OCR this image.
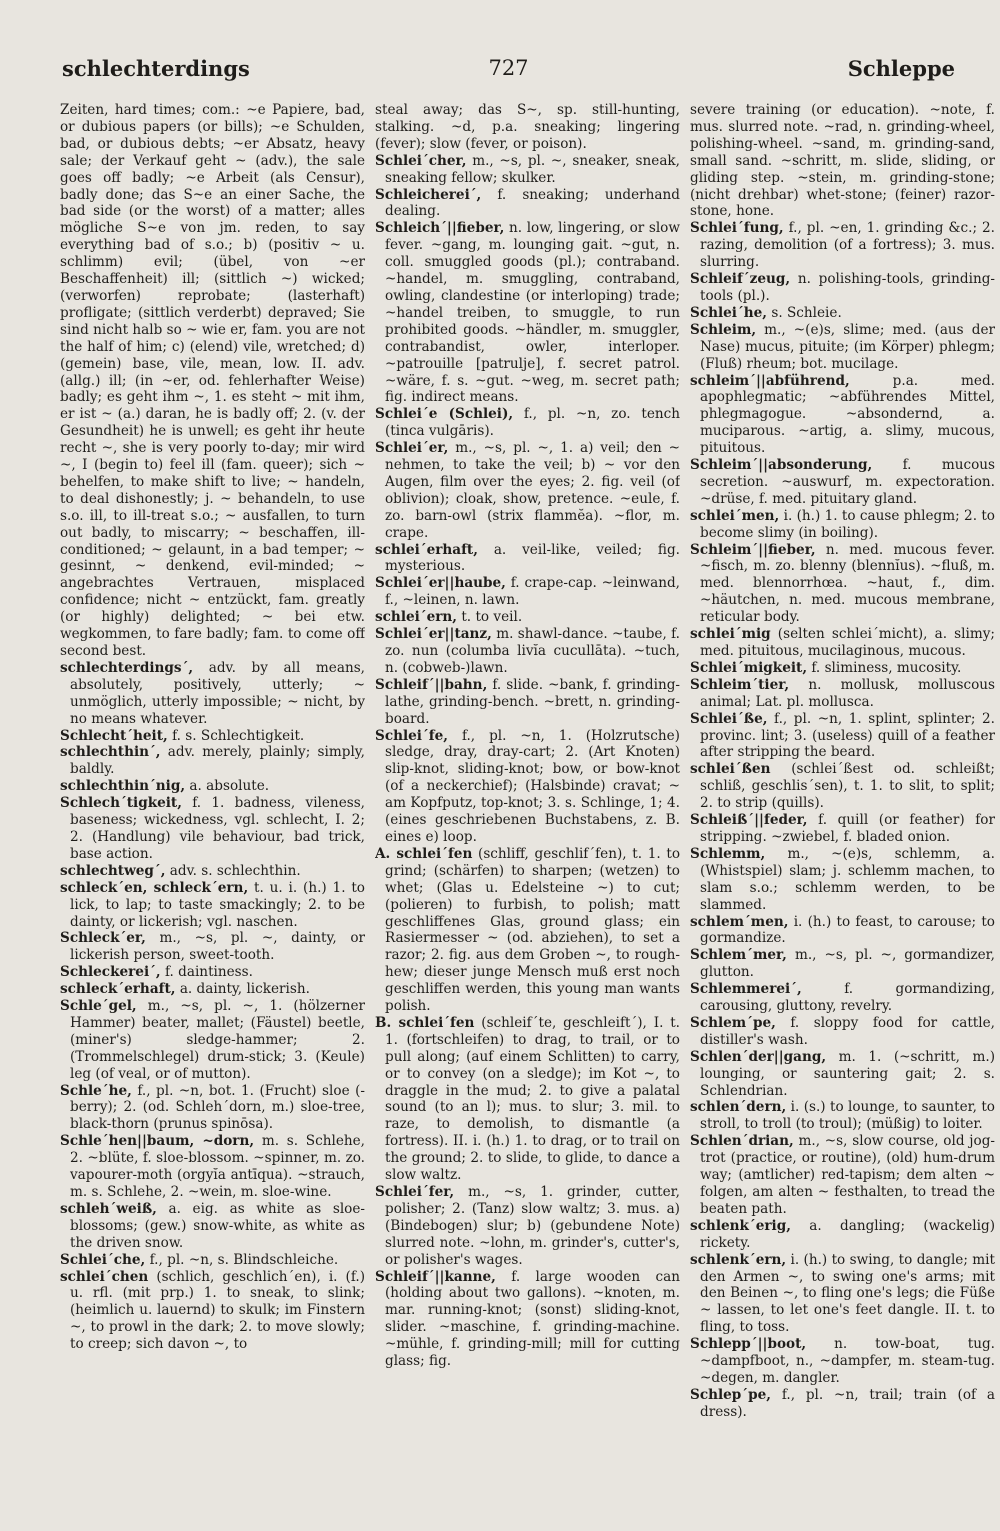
schlechterdings	727	Schleppe

Zeiten, hard times; com.: ~e Papiere, bad, or dubious papers (or bills); ~e Schulden, bad, or dubious debts; ~er Absatz, heavy sale; der Verkauf geht ~ (adv.), the sale goes off badly; ~e Arbeit (als Censur), badly done; das S~e an einer Sache, the bad side (or the worst) of a matter; alles mögliche S~e von jm. reden, to say everything bad of s.o.; b) (positiv ~ u. schlimm) evil; (übel, von ~er Beschaffenheit) ill; (sittlich ~) wicked; (verworfen) reprobate; (lasterhaft) profligate; (sittlich verderbt) depraved; Sie sind nicht halb so ~ wie er, fam. you are not the half of him; c) (elend) vile, wretched; d) (gemein) base, vile, mean, low. II. adv. (allg.) ill; (in ~er, od. fehlerhafter Weise) badly; es geht ihm ~, 1. es steht ~ mit ihm, er ist ~ (a.) daran, he is badly off; 2. (v. der Gesundheit) he is unwell; es geht ihr heute recht ~, she is very poorly to-day; mir wird ~, I (begin to) feel ill (fam. queer); sich ~ behelfen, to make shift to live; ~ handeln, to deal dishonestly; j. ~ behandeln, to use s.o. ill, to ill-treat s.o.; ~ ausfallen, to turn out badly, to miscarry; ~ beschaffen, ill-conditioned; ~ gelaunt, in a bad temper; ~ gesinnt, ~ denkend, evil-minded; ~ angebrachtes Vertrauen, misplaced confidence; nicht ~ entzückt, fam. greatly (or highly) delighted; ~ bei etw. wegkommen, to fare badly; fam. to come off second best.

schlechterdings´, adv. by all means, absolutely, positively, utterly; ~ unmöglich, utterly impossible; ~ nicht, by no means whatever.

Schlecht´heit, f. s. Schlechtigkeit.

schlechthin´, adv. merely, plainly; simply, baldly.

schlechthin´nig, a. absolute.

Schlech´tigkeit, f. 1. badness, vileness, baseness; wickedness, vgl. schlecht, I. 2; 2. (Handlung) vile behaviour, bad trick, base action.

schlechtweg´, adv. s. schlechthin.

schleck´en, schleck´ern, t. u. i. (h.) 1. to lick, to lap; to taste smackingly; 2. to be dainty, or lickerish; vgl. naschen.

Schleck´er, m., ~s, pl. ~, dainty, or lickerish person, sweet-tooth.

Schleckerei´, f. daintiness.

schleck´erhaft, a. dainty, lickerish.

Schle´gel, m., ~s, pl. ~, 1. (hölzerner Hammer) beater, mallet; (Fäustel) beetle, (miner's) sledge-hammer; 2. (Trommelschlegel) drum-stick; 3. (Keule) leg (of veal, or of mutton).

Schle´he, f., pl. ~n, bot. 1. (Frucht) sloe (-berry); 2. (od. Schleh´dorn, m.) sloe-tree, black-thorn (prunus spinōsa).

Schle´hen||baum, ~dorn, m. s. Schlehe, 2. ~blüte, f. sloe-blossom. ~spinner, m. zo. vapourer-moth (orgyĭa antīqua). ~strauch, m. s. Schlehe, 2. ~wein, m. sloe-wine.

schleh´weiß, a. eig. as white as sloe-blossoms; (gew.) snow-white, as white as the driven snow.

Schlei´che, f., pl. ~n, s. Blindschleiche.

schlei´chen (schlich, geschlich´en), i. (f.) u. rfl. (mit prp.) 1. to sneak, to slink; (heimlich u. lauernd) to skulk; im Finstern ~, to prowl in the dark; 2. to move slowly; to creep; sich davon ~, to

steal away; das S~, sp. still-hunting, stalking. ~d, p.a. sneaking; lingering (fever); slow (fever, or poison).

Schlei´cher, m., ~s, pl. ~, sneaker, sneak, sneaking fellow; skulker.

Schleicherei´, f. sneaking; underhand dealing.

Schleich´||fieber, n. low, lingering, or slow fever. ~gang, m. lounging gait. ~gut, n. coll. smuggled goods (pl.); contraband. ~handel, m. smuggling, contraband, owling, clandestine (or interloping) trade; ~handel treiben, to smuggle, to run prohibited goods. ~händler, m. smuggler, contrabandist, owler, interloper. ~patrouille [patrulje], f. secret patrol. ~wäre, f. s. ~gut. ~weg, m. secret path; fig. indirect means.

Schlei´e (Schlei), f., pl. ~n, zo. tench (tinca vulgāris).

Schlei´er, m., ~s, pl. ~, 1. a) veil; den ~ nehmen, to take the veil; b) ~ vor den Augen, film over the eyes; 2. fig. veil (of oblivion); cloak, show, pretence. ~eule, f. zo. barn-owl (strix flammĕa). ~flor, m. crape.

schlei´erhaft, a. veil-like, veiled; fig. mysterious.

Schlei´er||haube, f. crape-cap. ~leinwand, f., ~leinen, n. lawn.

schlei´ern, t. to veil.

Schlei´er||tanz, m. shawl-dance. ~taube, f. zo. nun (columba livĭa cucullāta). ~tuch, n. (cobweb-)lawn.

Schleif´||bahn, f. slide. ~bank, f. grinding-lathe, grinding-bench. ~brett, n. grinding-board.

Schlei´fe, f., pl. ~n, 1. (Holzrutsche) sledge, dray, dray-cart; 2. (Art Knoten) slip-knot, sliding-knot; bow, or bow-knot (of a neckerchief); (Halsbinde) cravat; ~ am Kopfputz, top-knot; 3. s. Schlinge, 1; 4. (eines geschriebenen Buchstabens, z. B. eines e) loop.

A. schlei´fen (schliff, geschlif´fen), t. 1. to grind; (schärfen) to sharpen; (wetzen) to whet; (Glas u. Edelsteine ~) to cut; (polieren) to furbish, to polish; matt geschliffenes Glas, ground glass; ein Rasiermesser ~ (od. abziehen), to set a razor; 2. fig. aus dem Groben ~, to rough-hew; dieser junge Mensch muß erst noch geschliffen werden, this young man wants polish.

B. schlei´fen (schleif´te, geschleift´), I. t. 1. (fortschleifen) to drag, to trail, or to pull along; (auf einem Schlitten) to carry, or to convey (on a sledge); im Kot ~, to draggle in the mud; 2. to give a palatal sound (to an l); mus. to slur; 3. mil. to raze, to demolish, to dismantle (a fortress). II. i. (h.) 1. to drag, or to trail on the ground; 2. to slide, to glide, to dance a slow waltz.

Schlei´fer, m., ~s, 1. grinder, cutter, polisher; 2. (Tanz) slow waltz; 3. mus. a) (Bindebogen) slur; b) (gebundene Note) slurred note. ~lohn, m. grinder's, cutter's, or polisher's wages.

Schleif´||kanne, f. large wooden can (holding about two gallons). ~knoten, m. mar. running-knot; (sonst) sliding-knot, slider. ~maschine, f. grinding-machine. ~mühle, f. grinding-mill; mill for cutting glass; fig.

severe training (or education). ~note, f. mus. slurred note. ~rad, n. grinding-wheel, polishing-wheel. ~sand, m. grinding-sand, small sand. ~schritt, m. slide, sliding, or gliding step. ~stein, m. grinding-stone; (nicht drehbar) whet-stone; (feiner) razor-stone, hone.

Schlei´fung, f., pl. ~en, 1. grinding &c.; 2. razing, demolition (of a fortress); 3. mus. slurring.

Schleif´zeug, n. polishing-tools, grinding-tools (pl.).

Schlei´he, s. Schleie.

Schleim, m., ~(e)s, slime; med. (aus der Nase) mucus, pituite; (im Körper) phlegm; (Fluß) rheum; bot. mucilage.

schleim´||abführend,	p.a. med. apophlegmatic; ~abführendes Mittel, phlegmagogue. ~absondernd, a. muciparous. ~artig, a. slimy, mucous, pituitous.

Schleim´||absonderung, f. mucous secretion. ~auswurf, m. expectoration. ~drüse, f. med. pituitary gland.

schlei´men, i. (h.) 1. to cause phlegm; 2. to become slimy (in boiling).

Schleim´||fieber, n. med. mucous fever. ~fisch, m. zo. blenny (blennĭus). ~fluß, m. med. blennorrhœa. ~haut, f., dim. ~häutchen, n. med. mucous membrane, reticular body.

schlei´mig (selten schlei´micht), a. slimy; med. pituitous, mucilaginous, mucous.

Schlei´migkeit, f. sliminess, mucosity.

Schleim´tier, n. mollusk, molluscous animal; Lat. pl. mollusca.

Schlei´ße, f., pl. ~n, 1. splint, splinter; 2. provinc. lint; 3. (useless) quill of a feather after stripping the beard.

schlei´ßen (schlei´ßest od. schleißt; schliß, geschlis´sen), t. 1. to slit, to split; 2. to strip (quills).

Schleiß´||feder, f. quill (or feather) for stripping. ~zwiebel, f. bladed onion.

Schlemm, m., ~(e)s, schlemm, a. (Whistspiel) slam; j. schlemm machen, to slam s.o.; schlemm werden, to be slammed.

schlem´men, i. (h.) to feast, to carouse; to gormandize.

Schlem´mer, m., ~s, pl. ~, gormandizer, glutton.

Schlemmerei´,	f. gormandizing, carousing, gluttony, revelry.

Schlem´pe, f. sloppy food for cattle, distiller's wash.

Schlen´der||gang, m. 1. (~schritt, m.) lounging, or sauntering gait; 2. s. Schlendrian.

schlen´dern, i. (s.) to lounge, to saunter, to stroll, to troll (to troul); (müßig) to loiter.

Schlen´drian, m., ~s, slow course, old jog-trot (practice, or routine), (old) hum-drum way; (amtlicher) red-tapism; dem alten ~ folgen, am alten ~ festhalten, to tread the beaten path.

schlenk´erig, a. dangling; (wackelig) rickety.

schlenk´ern, i. (h.) to swing, to dangle; mit den Armen ~, to swing one's arms; mit den Beinen ~, to fling one's legs; die Füße ~ lassen, to let one's feet dangle. II. t. to fling, to toss.

Schlepp´||boot, n. tow-boat, tug. ~dampfboot, n., ~dampfer, m. steam-tug. ~degen, m. dangler.

Schlep´pe, f., pl. ~n, trail; train (of a dress).
